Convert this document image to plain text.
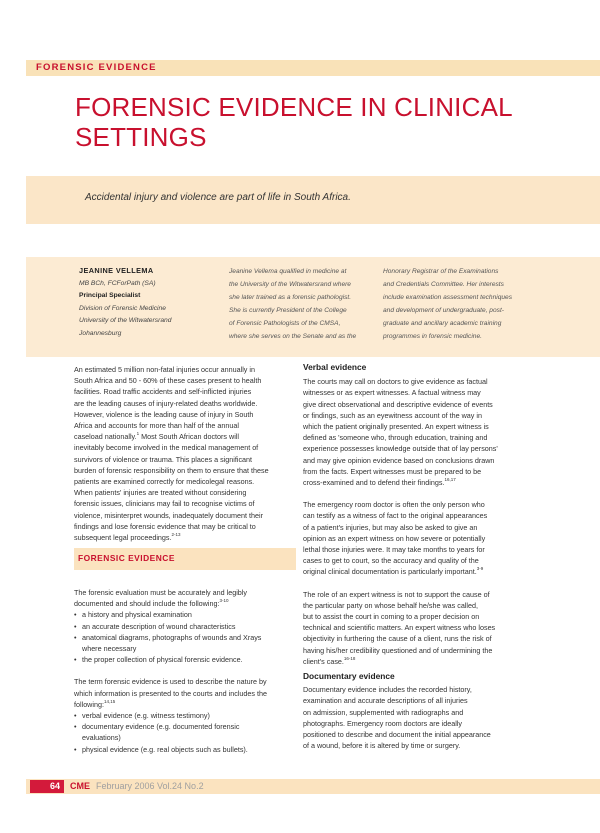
FORENSIC EVIDENCE
FORENSIC EVIDENCE IN CLINICAL SETTINGS
Accidental injury and violence are part of life in South Africa.
JEANINE VELLEMA
MB BCh, FCForPath (SA)
Principal Specialist
Division of Forensic Medicine
University of the Witwatersrand
Johannesburg
Jeanine Vellema qualified in medicine at
the University of the Witwatersrand where
she later trained as a forensic pathologist.
She is currently President of the College
of Forensic Pathologists of the CMSA,
where she serves on the Senate and as the
Honorary Registrar of the Examinations
and Credentials Committee. Her interests
include examination assessment techniques
and development of undergraduate, post-
graduate and ancillary academic training
programmes in forensic medicine.
An estimated 5 million non-fatal injuries occur annually in
South Africa and 50 - 60% of these cases present to health
facilities. Road traffic accidents and self-inflicted injuries
are the leading causes of injury-related deaths worldwide.
However, violence is the leading cause of injury in South
Africa and accounts for more than half of the annual
caseload nationally.$^1$ Most South African doctors will
inevitably become involved in the medical management of
survivors of violence or trauma. This places a significant
burden of forensic responsibility on them to ensure that these
patients are examined correctly for medicolegal reasons.
When patients' injuries are treated without considering
forensic issues, clinicians may fail to recognise victims of
violence, misinterpret wounds, inadequately document their
findings and lose forensic evidence that may be critical to
subsequent legal proceedings.$^{2-13}$
FORENSIC EVIDENCE
The forensic evaluation must be accurately and legibly
documented and should include the following:$^{3-10}$
• a history and physical examination
• an accurate description of wound characteristics
• anatomical diagrams, photographs of wounds and Xrays
where necessary
• the proper collection of physical forensic evidence.
The term forensic evidence is used to describe the nature by
which information is presented to the courts and includes the
following:$^{14,15}$
• verbal evidence (e.g. witness testimony)
• documentary evidence (e.g. documented forensic
evaluations)
• physical evidence (e.g. real objects such as bullets).
Verbal evidence
The courts may call on doctors to give evidence as factual
witnesses or as expert witnesses. A factual witness may
give direct observational and descriptive evidence of events
or findings, such as an eyewitness account of the way in
which the patient originally presented. An expert witness is
defined as 'someone who, through education, training and
experience possesses knowledge outside that of lay persons'
and may give opinion evidence based on conclusions drawn
from the facts. Expert witnesses must be prepared to be
cross-examined and to defend their findings.$^{16,17}$
The emergency room doctor is often the only person who
can testify as a witness of fact to the original appearances
of a patient's injuries, but may also be asked to give an
opinion as an expert witness on how severe or potentially
lethal those injuries were. It may take months to years for
cases to get to court, so the accuracy and quality of the
original clinical documentation is particularly important.$^{3-9}$
The role of an expert witness is not to support the cause of
the particular party on whose behalf he/she was called,
but to assist the court in coming to a proper decision on
technical and scientific matters. An expert witness who loses
objectivity in furthering the cause of a client, runs the risk of
having his/her credibility questioned and of undermining the
client's case.$^{16-18}$
Documentary evidence
Documentary evidence includes the recorded history,
examination and accurate descriptions of all injuries
on admission, supplemented with radiographs and
photographs. Emergency room doctors are ideally
positioned to describe and document the initial appearance
of a wound, before it is altered by time or surgery.
64	CME February 2006 Vol.24 No.2
